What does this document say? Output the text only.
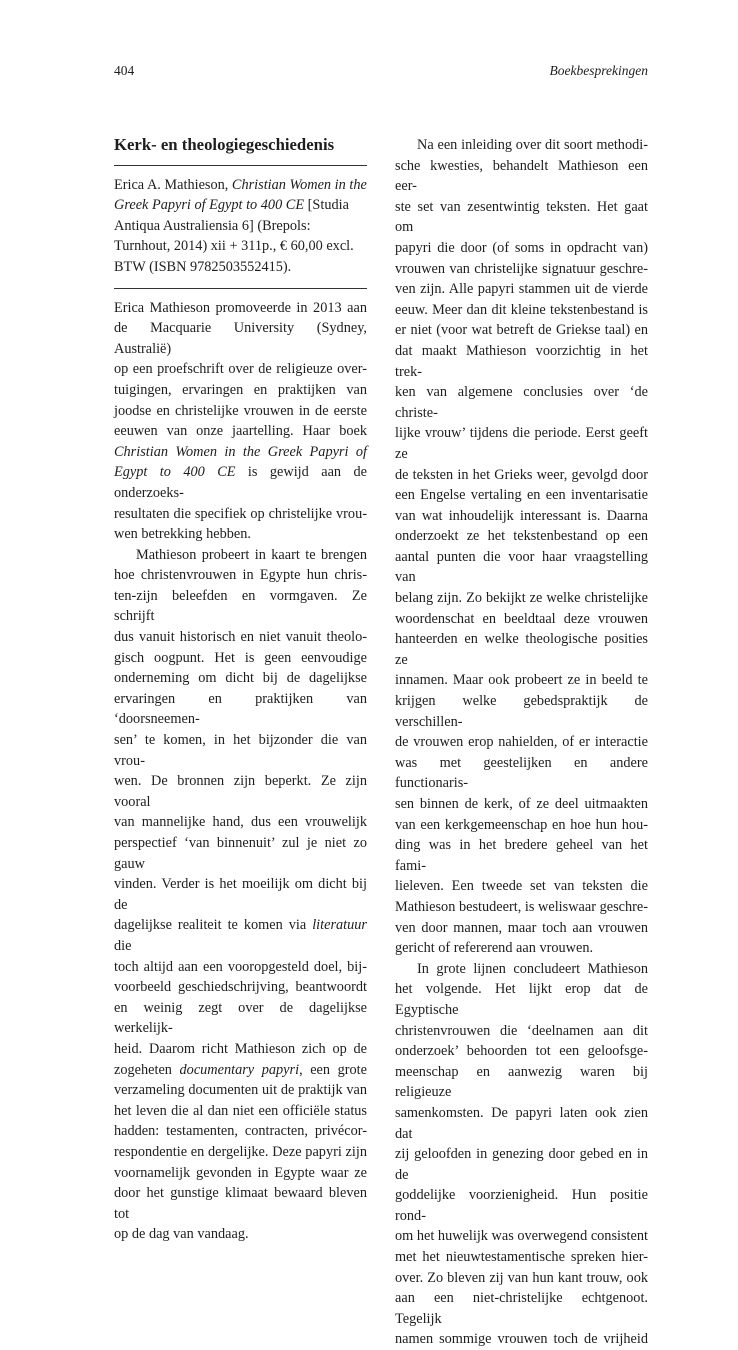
404	Boekbesprekingen
Kerk- en theologiegeschiedenis

Erica A. Mathieson, Christian Women in the Greek Papyri of Egypt to 400 CE [Studia Antiqua Australiensia 6] (Brepols: Turnhout, 2014) xii + 311p., € 60,00 excl. BTW (ISBN 9782503552415).

Erica Mathieson promoveerde in 2013 aan
de Macquarie University (Sydney, Australië)
op een proefschrift over de religieuze over-
tuigingen, ervaringen en praktijken van
joodse en christelijke vrouwen in de eerste
eeuwen van onze jaartelling. Haar boek
Christian Women in the Greek Papyri of
Egypt to 400 CE is gewijd aan de onderzoeks-
resultaten die specifiek op christelijke vrou-
wen betrekking hebben.

Mathieson probeert in kaart te brengen
hoe christenvrouwen in Egypte hun chris-
ten-zijn beleefden en vormgaven. Ze schrijft
dus vanuit historisch en niet vanuit theolo-
gisch oogpunt. Het is geen eenvoudige
onderneming om dicht bij de dagelijkse
ervaringen en praktijken van ‘doorsneemen-
sen’ te komen, in het bijzonder die van vrou-
wen. De bronnen zijn beperkt. Ze zijn vooral
van mannelijke hand, dus een vrouwelijk
perspectief ‘van binnenuit’ zul je niet zo gauw
vinden. Verder is het moeilijk om dicht bij de
dagelijkse realiteit te komen via literatuur die
toch altijd aan een vooropgesteld doel, bij-
voorbeeld geschiedschrijving, beantwoordt
en weinig zegt over de dagelijkse werkelijk-
heid. Daarom richt Mathieson zich op de
zogeheten documentary papyri, een grote
verzameling documenten uit de praktijk van
het leven die al dan niet een officiële status
hadden: testamenten, contracten, privécor-
respondentie en dergelijke. Deze papyri zijn
voornamelijk gevonden in Egypte waar ze
door het gunstige klimaat bewaard bleven tot
op de dag van vandaag.

Na een inleiding over dit soort methodi-
sche kwesties, behandelt Mathieson een eer-
ste set van zesentwintig teksten. Het gaat om
papyri die door (of soms in opdracht van)
vrouwen van christelijke signatuur geschre-
ven zijn. Alle papyri stammen uit de vierde
eeuw. Meer dan dit kleine tekstenbestand is
er niet (voor wat betreft de Griekse taal) en
dat maakt Mathieson voorzichtig in het trek-
ken van algemene conclusies over ‘de christe-
lijke vrouw’ tijdens die periode. Eerst geeft ze
de teksten in het Grieks weer, gevolgd door
een Engelse vertaling en een inventarisatie
van wat inhoudelijk interessant is. Daarna
onderzoekt ze het tekstenbestand op een
aantal punten die voor haar vraagstelling van
belang zijn. Zo bekijkt ze welke christelijke
woordenschat en beeldtaal deze vrouwen
hanteerden en welke theologische posities ze
innamen. Maar ook probeert ze in beeld te
krijgen welke gebedspraktijk de verschillen-
de vrouwen erop nahielden, of er interactie
was met geestelijken en andere functionaris-
sen binnen de kerk, of ze deel uitmaakten
van een kerkgemeenschap en hoe hun hou-
ding was in het bredere geheel van het fami-
lieleven. Een tweede set van teksten die
Mathieson bestudeert, is weliswaar geschre-
ven door mannen, maar toch aan vrouwen
gericht of refererend aan vrouwen.
In grote lijnen concludeert Mathieson
het volgende. Het lijkt erop dat de Egyptische
christenvrouwen die ‘deelnamen aan dit
onderzoek’ behoorden tot een geloofsge-
meenschap en aanwezig waren bij religieuze
samenkomsten. De papyri laten ook zien dat
zij geloofden in genezing door gebed en in de
goddelijke voorzienigheid. Hun positie rond-
om het huwelijk was overwegend consistent
met het nieuwtestamentische spreken hier-
over. Zo bleven zij van hun kant trouw, ook
aan een niet-christelijke echtgenoot. Tegelijk
namen sommige vrouwen toch de vrijheid
